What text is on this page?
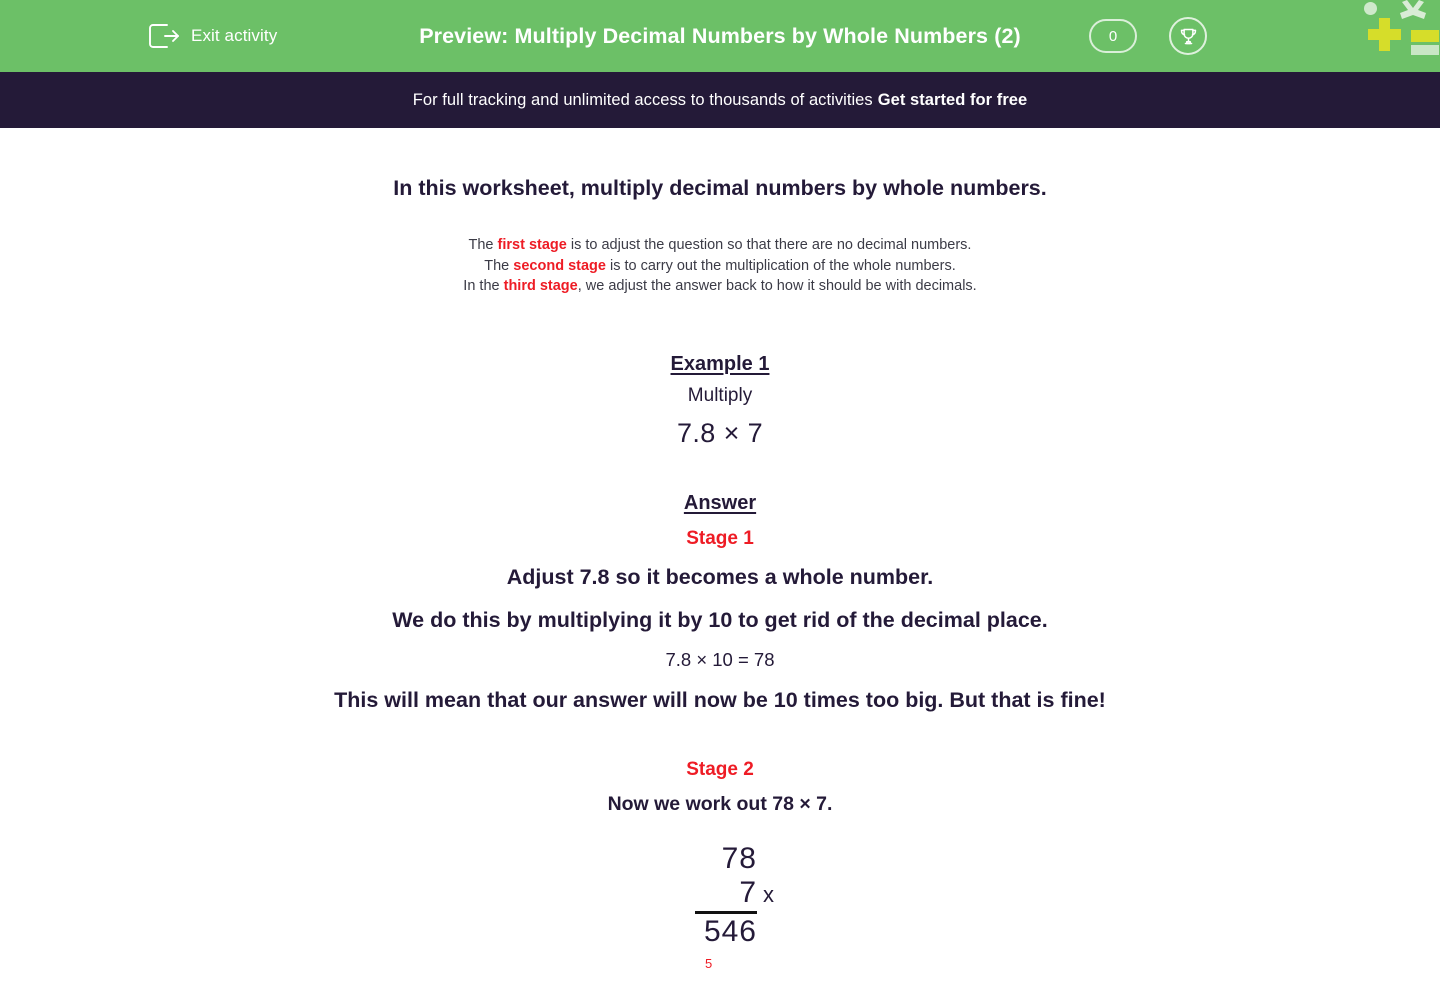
Exit activity	Preview: Multiply Decimal Numbers by Whole Numbers (2)	0
For full tracking and unlimited access to thousands of activities Get started for free
In this worksheet, multiply decimal numbers by whole numbers.
The first stage is to adjust the question so that there are no decimal numbers.
The second stage is to carry out the multiplication of the whole numbers.
In the third stage, we adjust the answer back to how it should be with decimals.
Example 1
Multiply
7.8 × 7
Answer
Stage 1
Adjust 7.8 so it becomes a whole number.
We do this by multiplying it by 10 to get rid of the decimal place.
7.8 × 10 = 78
This will mean that our answer will now be 10 times too big. But that is fine!
Stage 2
Now we work out 78 × 7.
78
7 x
546
5
